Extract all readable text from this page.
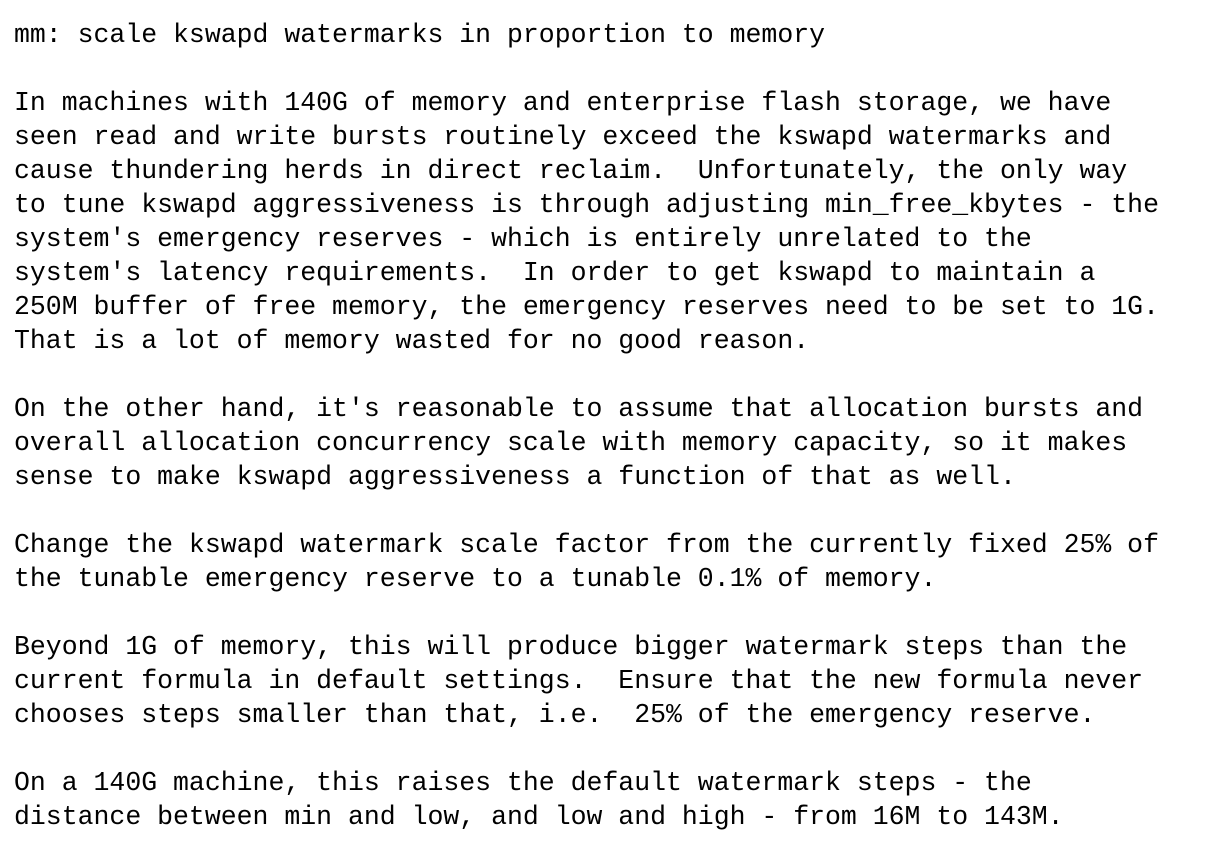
mm: scale kswapd watermarks in proportion to memory
In machines with 140G of memory and enterprise flash storage, we have
seen read and write bursts routinely exceed the kswapd watermarks and
cause thundering herds in direct reclaim.  Unfortunately, the only way
to tune kswapd aggressiveness is through adjusting min_free_kbytes - the
system's emergency reserves - which is entirely unrelated to the
system's latency requirements.  In order to get kswapd to maintain a
250M buffer of free memory, the emergency reserves need to be set to 1G.
That is a lot of memory wasted for no good reason.
On the other hand, it's reasonable to assume that allocation bursts and
overall allocation concurrency scale with memory capacity, so it makes
sense to make kswapd aggressiveness a function of that as well.
Change the kswapd watermark scale factor from the currently fixed 25% of
the tunable emergency reserve to a tunable 0.1% of memory.
Beyond 1G of memory, this will produce bigger watermark steps than the
current formula in default settings.  Ensure that the new formula never
chooses steps smaller than that, i.e.  25% of the emergency reserve.
On a 140G machine, this raises the default watermark steps - the
distance between min and low, and low and high - from 16M to 143M.
